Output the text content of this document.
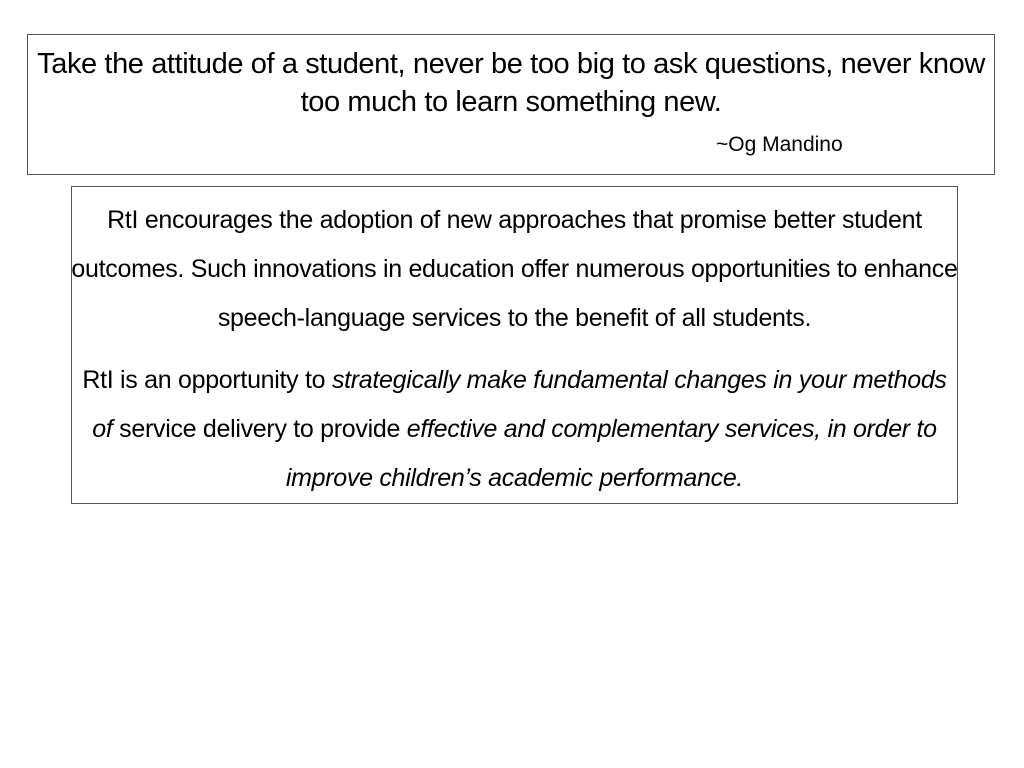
Take the attitude of a student, never be too big to ask questions, never know too much to learn something new.
~Og Mandino

RtI encourages the adoption of new approaches that promise better student outcomes. Such innovations in education offer numerous opportunities to enhance speech-language services to the benefit of all students.

RtI is an opportunity to strategically make fundamental changes in your methods of service delivery to provide effective and complementary services, in order to improve children’s academic performance.
